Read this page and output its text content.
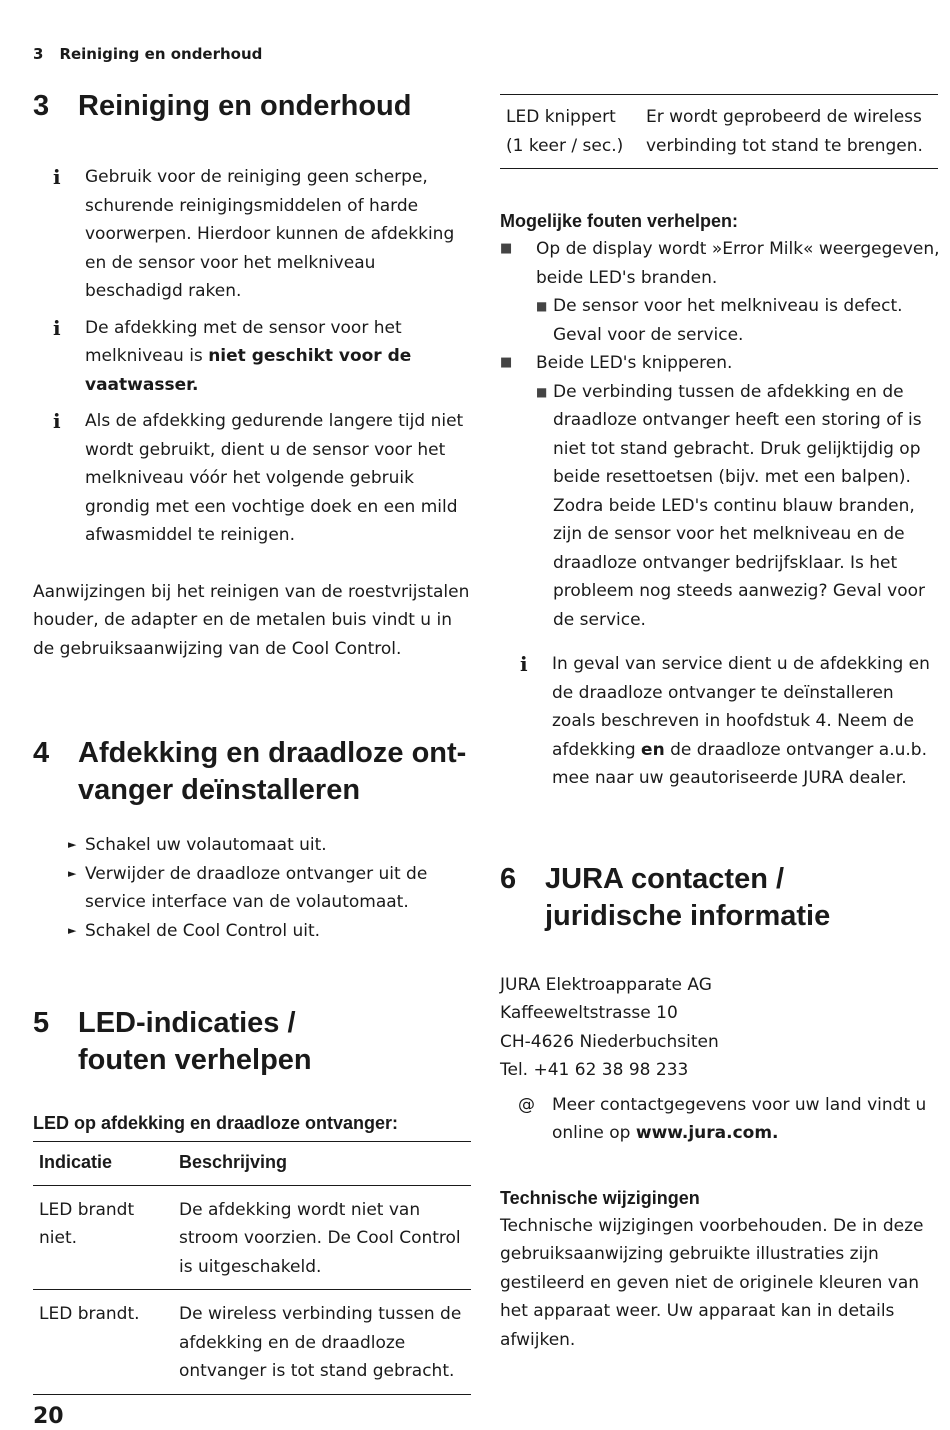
3 Reiniging en onderhoud
3 Reiniging en onderhoud
i	Gebruik voor de reiniging geen scherpe, schurende reinigingsmiddelen of harde voorwerpen. Hierdoor kunnen de afdekking en de sensor voor het melkniveau beschadigd raken.
i	De afdekking met de sensor voor het melkniveau is niet geschikt voor de vaatwasser.
i	Als de afdekking gedurende langere tijd niet wordt gebruikt, dient u de sensor voor het melkniveau vóór het volgende gebruik grondig met een vochtige doek en een mild afwasmiddel te reinigen.
Aanwijzingen bij het reinigen van de roestvrijstalen houder, de adapter en de metalen buis vindt u in de gebruiksaanwijzing van de Cool Control.
4 Afdekking en draadloze ont-
vanger deïnstalleren
► Schakel uw volautomaat uit.
► Verwijder de draadloze ontvanger uit de service interface van de volautomaat.
► Schakel de Cool Control uit.
5 LED-indicaties /
fouten verhelpen
LED op afdekking en draadloze ontvanger:
Indicatie	Beschrijving
LED brandt niet.	De afdekking wordt niet van stroom voorzien. De Cool Control is uitgeschakeld.
LED brandt.	De wireless verbinding tussen de afdekking en de draadloze ontvanger is tot stand gebracht.
LED knippert (1 keer / sec.)	Er wordt geprobeerd de wireless verbinding tot stand te brengen.
Mogelijke fouten verhelpen:
■	Op de display wordt »Error Milk« weergegeven, beide LED's branden.
■ De sensor voor het melkniveau is defect. Geval voor de service.
■	Beide LED's knipperen.
■ De verbinding tussen de afdekking en de draadloze ontvanger heeft een storing of is niet tot stand gebracht. Druk gelijktijdig op beide resettoetsen (bijv. met een balpen). Zodra beide LED's continu blauw branden, zijn de sensor voor het melkniveau en de draadloze ontvanger bedrijfsklaar. Is het probleem nog steeds aanwezig? Geval voor de service.
i	In geval van service dient u de afdekking en de draadloze ontvanger te deïnstalleren zoals beschreven in hoofdstuk 4. Neem de afdekking en de draadloze ontvanger a.u.b. mee naar uw geautoriseerde JURA dealer.
6 JURA contacten /
juridische informatie
JURA Elektroapparate AG
Kaffeeweltstrasse 10
CH-4626 Niederbuchsiten
Tel. +41 62 38 98 233
@	Meer contactgegevens voor uw land vindt u online op www.jura.com.
Technische wijzigingen
Technische wijzigingen voorbehouden. De in deze gebruiksaanwijzing gebruikte illustraties zijn gestileerd en geven niet de originele kleuren van het apparaat weer. Uw apparaat kan in details afwijken.
20
